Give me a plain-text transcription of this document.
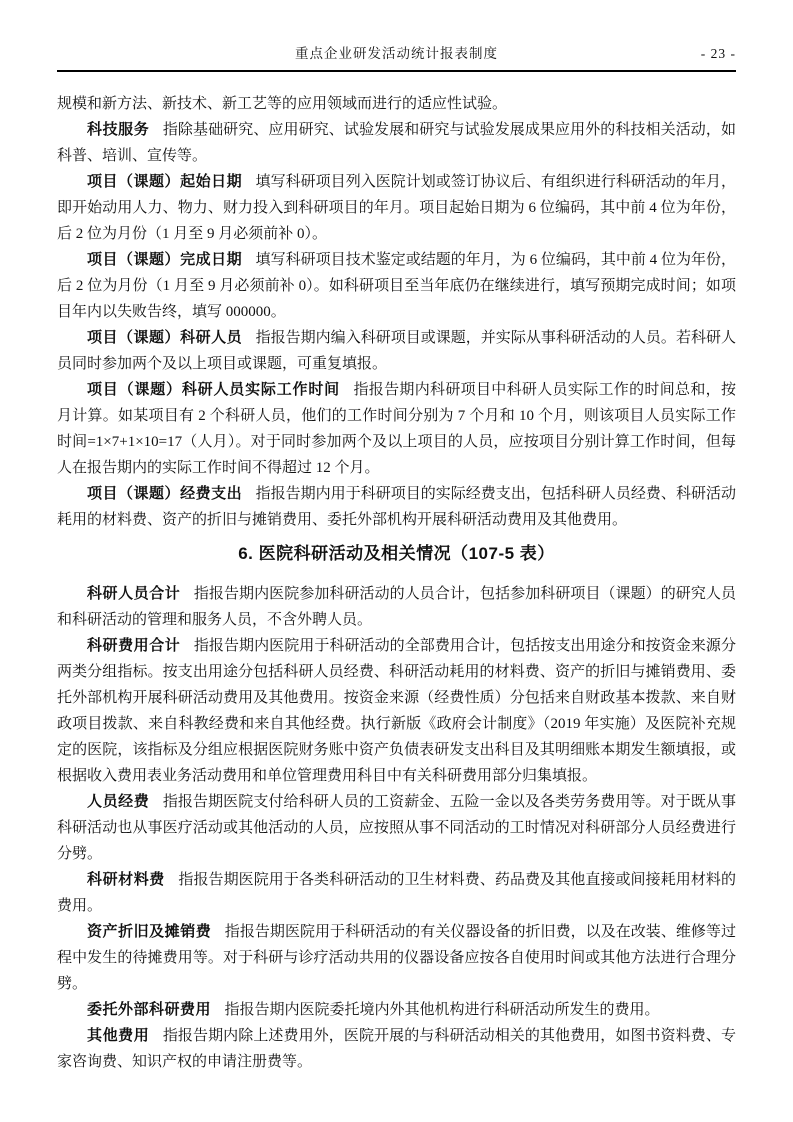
重点企业研发活动统计报表制度	- 23 -

规模和新方法、新技术、新工艺等的应用领域而进行的适应性试验。

科技服务 指除基础研究、应用研究、试验发展和研究与试验发展成果应用外的科技相关活动，如科普、培训、宣传等。

项目（课题）起始日期 填写科研项目列入医院计划或签订协议后、有组织进行科研活动的年月，即开始动用人力、物力、财力投入到科研项目的年月。项目起始日期为 6 位编码，其中前 4 位为年份，后 2 位为月份（1 月至 9 月必须前补 0）。

项目（课题）完成日期 填写科研项目技术鉴定或结题的年月，为 6 位编码，其中前 4 位为年份，后 2 位为月份（1 月至 9 月必须前补 0）。如科研项目至当年底仍在继续进行，填写预期完成时间；如项目年内以失败告终，填写 000000。

项目（课题）科研人员 指报告期内编入科研项目或课题，并实际从事科研活动的人员。若科研人员同时参加两个及以上项目或课题，可重复填报。

项目（课题）科研人员实际工作时间 指报告期内科研项目中科研人员实际工作的时间总和，按月计算。如某项目有 2 个科研人员，他们的工作时间分别为 7 个月和 10 个月，则该项目人员实际工作时间=1×7+1×10=17（人月）。对于同时参加两个及以上项目的人员，应按项目分别计算工作时间，但每人在报告期内的实际工作时间不得超过 12 个月。

项目（课题）经费支出 指报告期内用于科研项目的实际经费支出，包括科研人员经费、科研活动耗用的材料费、资产的折旧与摊销费用、委托外部机构开展科研活动费用及其他费用。

6. 医院科研活动及相关情况（107-5 表）

科研人员合计 指报告期内医院参加科研活动的人员合计，包括参加科研项目（课题）的研究人员和科研活动的管理和服务人员，不含外聘人员。

科研费用合计 指报告期内医院用于科研活动的全部费用合计，包括按支出用途分和按资金来源分两类分组指标。按支出用途分包括科研人员经费、科研活动耗用的材料费、资产的折旧与摊销费用、委托外部机构开展科研活动费用及其他费用。按资金来源（经费性质）分包括来自财政基本拨款、来自财政项目拨款、来自科教经费和来自其他经费。执行新版《政府会计制度》（2019 年实施）及医院补充规定的医院，该指标及分组应根据医院财务账中资产负债表研发支出科目及其明细账本期发生额填报，或根据收入费用表业务活动费用和单位管理费用科目中有关科研费用部分归集填报。

人员经费 指报告期医院支付给科研人员的工资薪金、五险一金以及各类劳务费用等。对于既从事科研活动也从事医疗活动或其他活动的人员，应按照从事不同活动的工时情况对科研部分人员经费进行分劈。

科研材料费 指报告期医院用于各类科研活动的卫生材料费、药品费及其他直接或间接耗用材料的费用。

资产折旧及摊销费 指报告期医院用于科研活动的有关仪器设备的折旧费，以及在改装、维修等过程中发生的待摊费用等。对于科研与诊疗活动共用的仪器设备应按各自使用时间或其他方法进行合理分劈。

委托外部科研费用 指报告期内医院委托境内外其他机构进行科研活动所发生的费用。

其他费用 指报告期内除上述费用外，医院开展的与科研活动相关的其他费用，如图书资料费、专家咨询费、知识产权的申请注册费等。
